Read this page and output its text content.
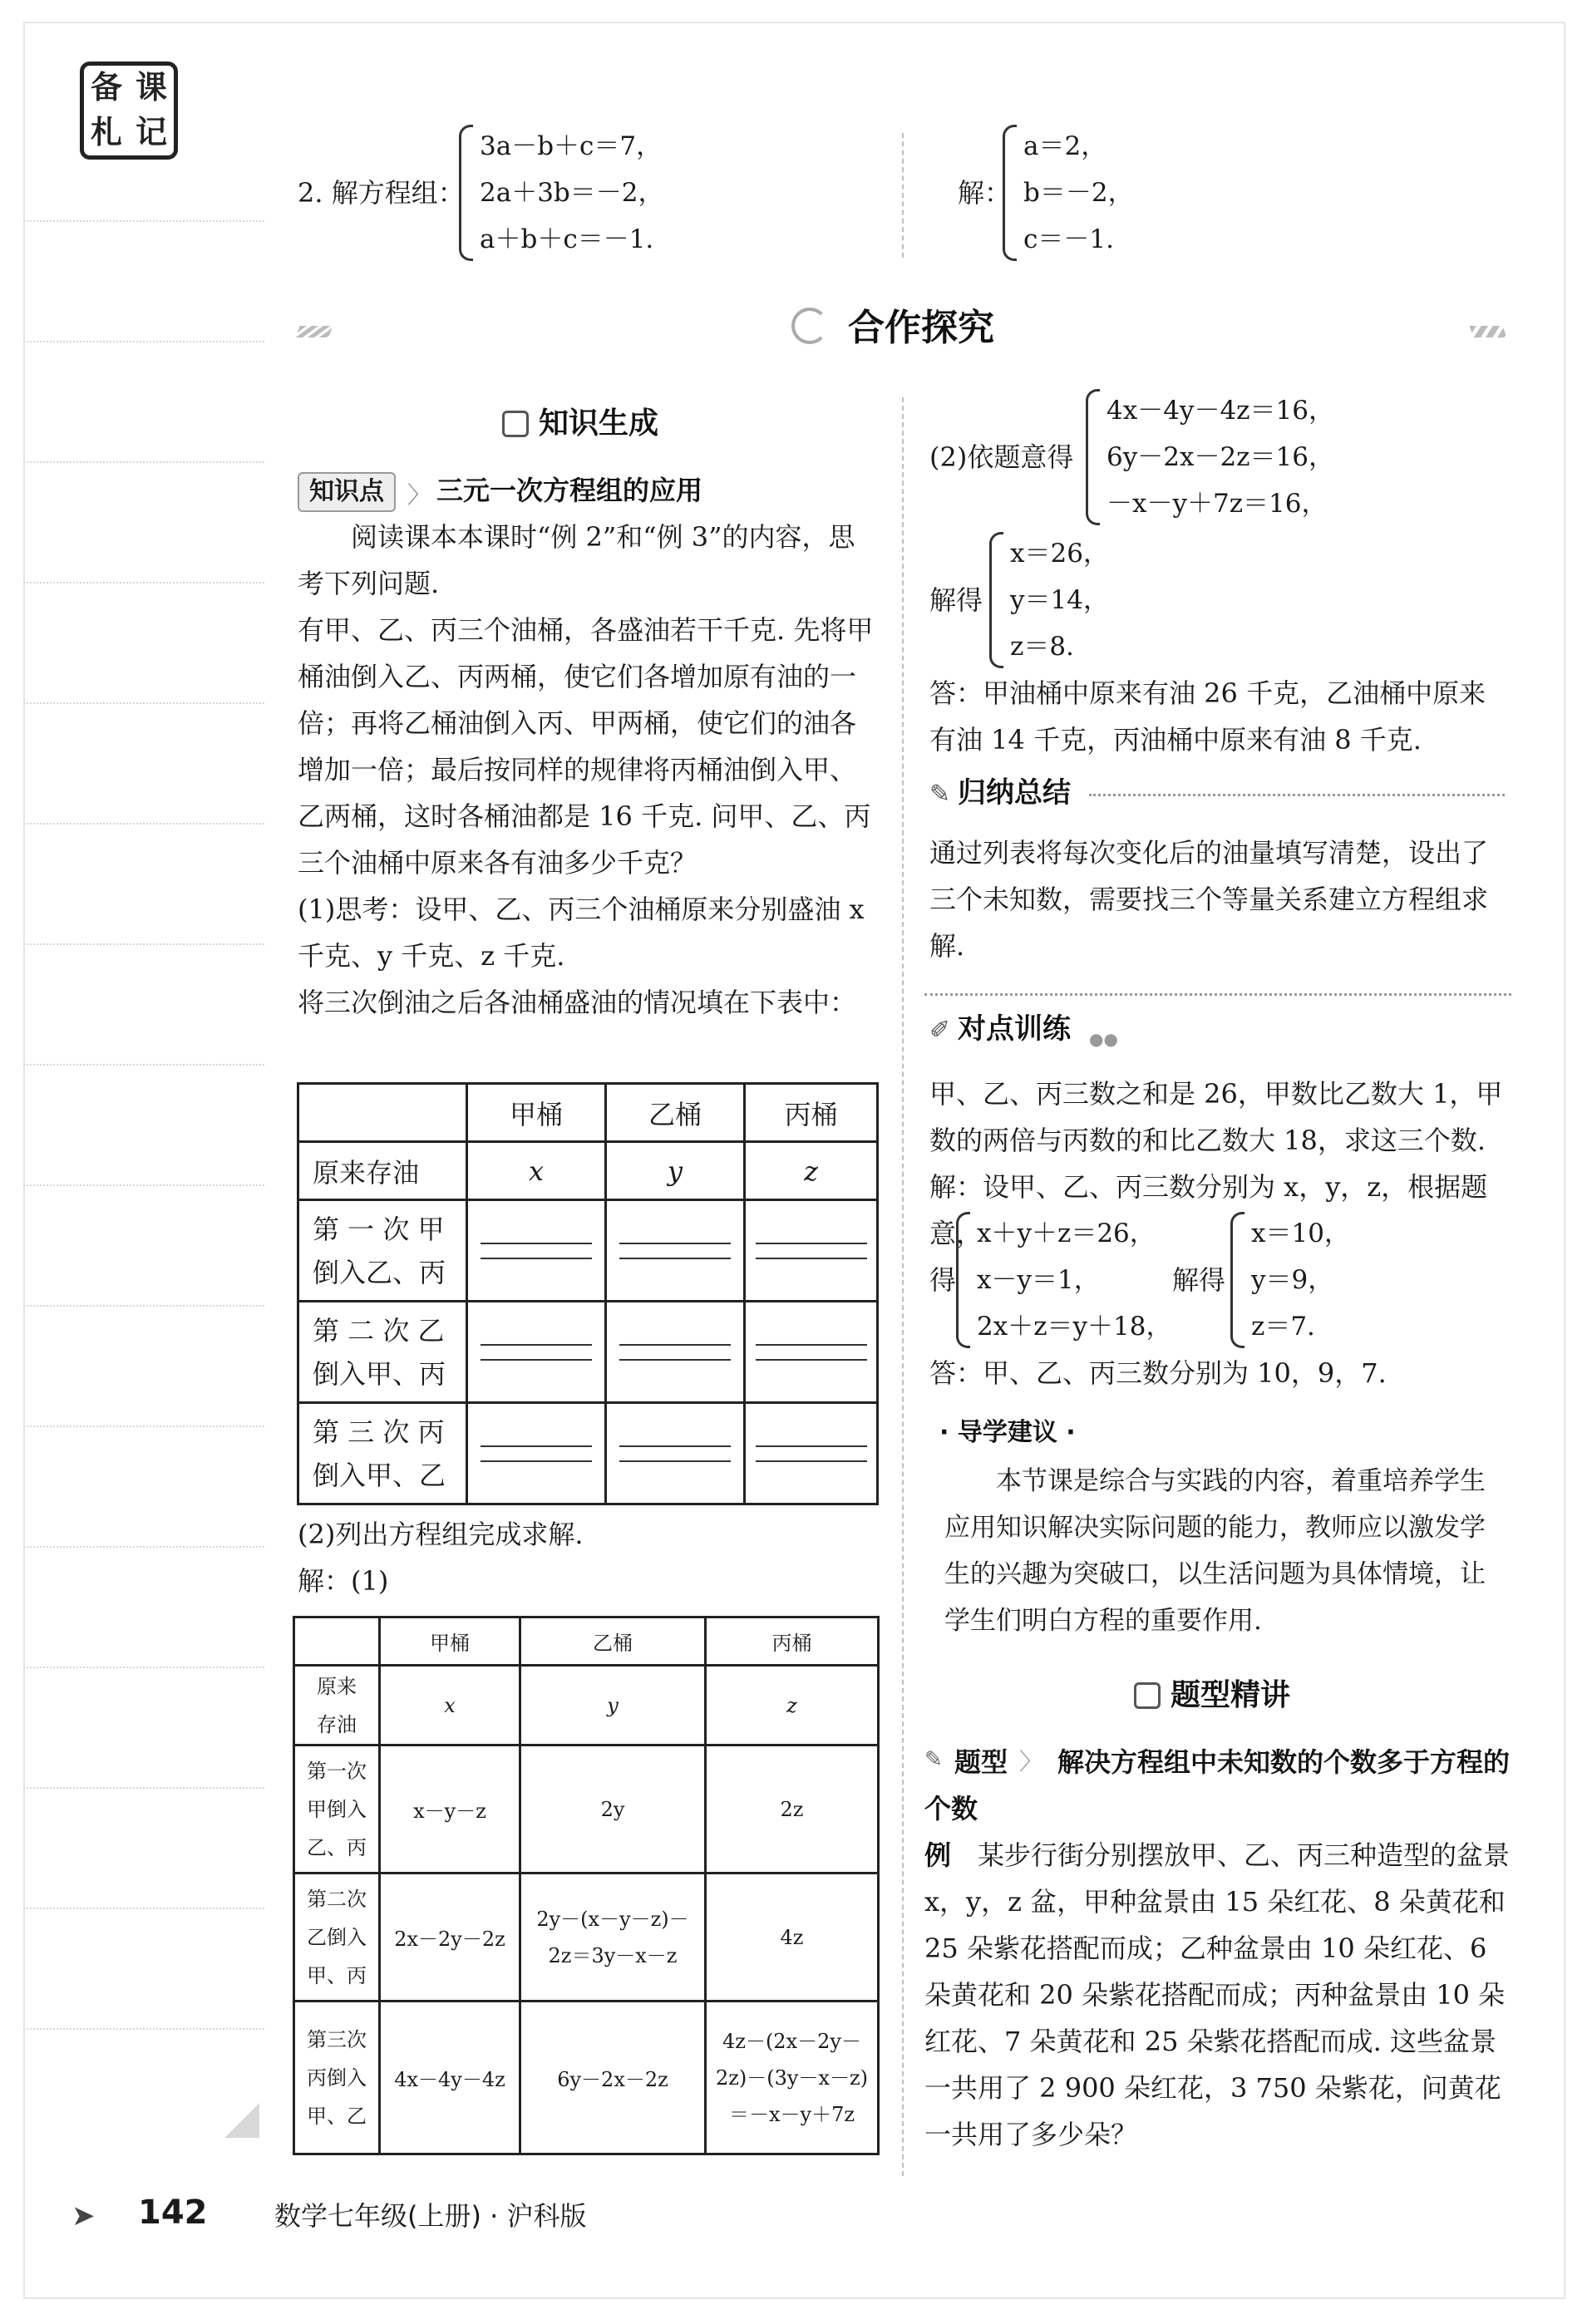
备 课
札 记
2. 解方程组：
3a－b＋c＝7，
2a＋3b＝－2，
a＋b＋c＝－1.
解：
a＝2，
b＝－2，
c＝－1.
合作探究
知识生成
知识点	〉 三元一次方程组的应用
　　阅读课本本课时“例 2”和“例 3”的内容，思考下列问题.
有甲、乙、丙三个油桶，各盛油若干千克. 先将甲桶油倒入乙、丙两桶，使它们各增加原有油的一倍；再将乙桶油倒入丙、甲两桶，使它们的油各增加一倍；最后按同样的规律将丙桶油倒入甲、乙两桶，这时各桶油都是 16 千克. 问甲、乙、丙三个油桶中原来各有油多少千克？
(1)思考：设甲、乙、丙三个油桶原来分别盛油 x 千克、y 千克、z 千克.
将三次倒油之后各油桶盛油的情况填在下表中：
	甲桶	乙桶	丙桶
原来存油	x	y	z

第 一 次 甲
倒入乙、丙			

第 二 次 乙
倒入甲、丙			

第 三 次 丙
倒入甲、乙			

(2)列出方程组完成求解.
解：(1)
	甲桶	乙桶	丙桶

原来
存油	x	y	z

第一次
甲倒入
乙、丙	x－y－z	2y	2z

第二次
乙倒入
甲、丙	2x－2y－2z	2y－(x－y－z)－2z＝3y－x－z	4z

第三次
丙倒入
甲、乙	4x－4y－4z	6y－2x－2z	4z－(2x－2y－2z)－(3y－x－z)＝－x－y＋7z
(2)依题意得
4x－4y－4z＝16，
6y－2x－2z＝16，
－x－y＋7z＝16，
解得
x＝26，
y＝14，
z＝8.
答：甲油桶中原来有油 26 千克，乙油桶中原来有油 14 千克，丙油桶中原来有油 8 千克.
✎ 归纳总结
通过列表将每次变化后的油量填写清楚，设出了三个未知数，需要找三个等量关系建立方程组求解.
✐ 对点训练 ●●
甲、乙、丙三数之和是 26，甲数比乙数大 1，甲数的两倍与丙数的和比乙数大 18，求这三个数.
解：设甲、乙、丙三数分别为 x，y，z，根据题意，
得
x＋y＋z＝26，
x－y＝1，
2x＋z＝y＋18，
解得
x＝10，
y＝9，
z＝7.
答：甲、乙、丙三数分别为 10，9，7.
· 导学建议 ·
　　本节课是综合与实践的内容，着重培养学生应用知识解决实际问题的能力，教师应以激发学生的兴趣为突破口，以生活问题为具体情境，让学生们明白方程的重要作用.
题型精讲
✎ 题型 〉 解决方程组中未知数的个数多于方程的个数
例　 某步行街分别摆放甲、乙、丙三种造型的盆景 x，y，z 盆，甲种盆景由 15 朵红花、8 朵黄花和 25 朵紫花搭配而成；乙种盆景由 10 朵红花、6 朵黄花和 20 朵紫花搭配而成；丙种盆景由 10 朵红花、7 朵黄花和 25 朵紫花搭配而成. 这些盆景一共用了 2 900 朵红花，3 750 朵紫花，问黄花一共用了多少朵？
➤ 142	数学七年级(上册) · 沪科版
